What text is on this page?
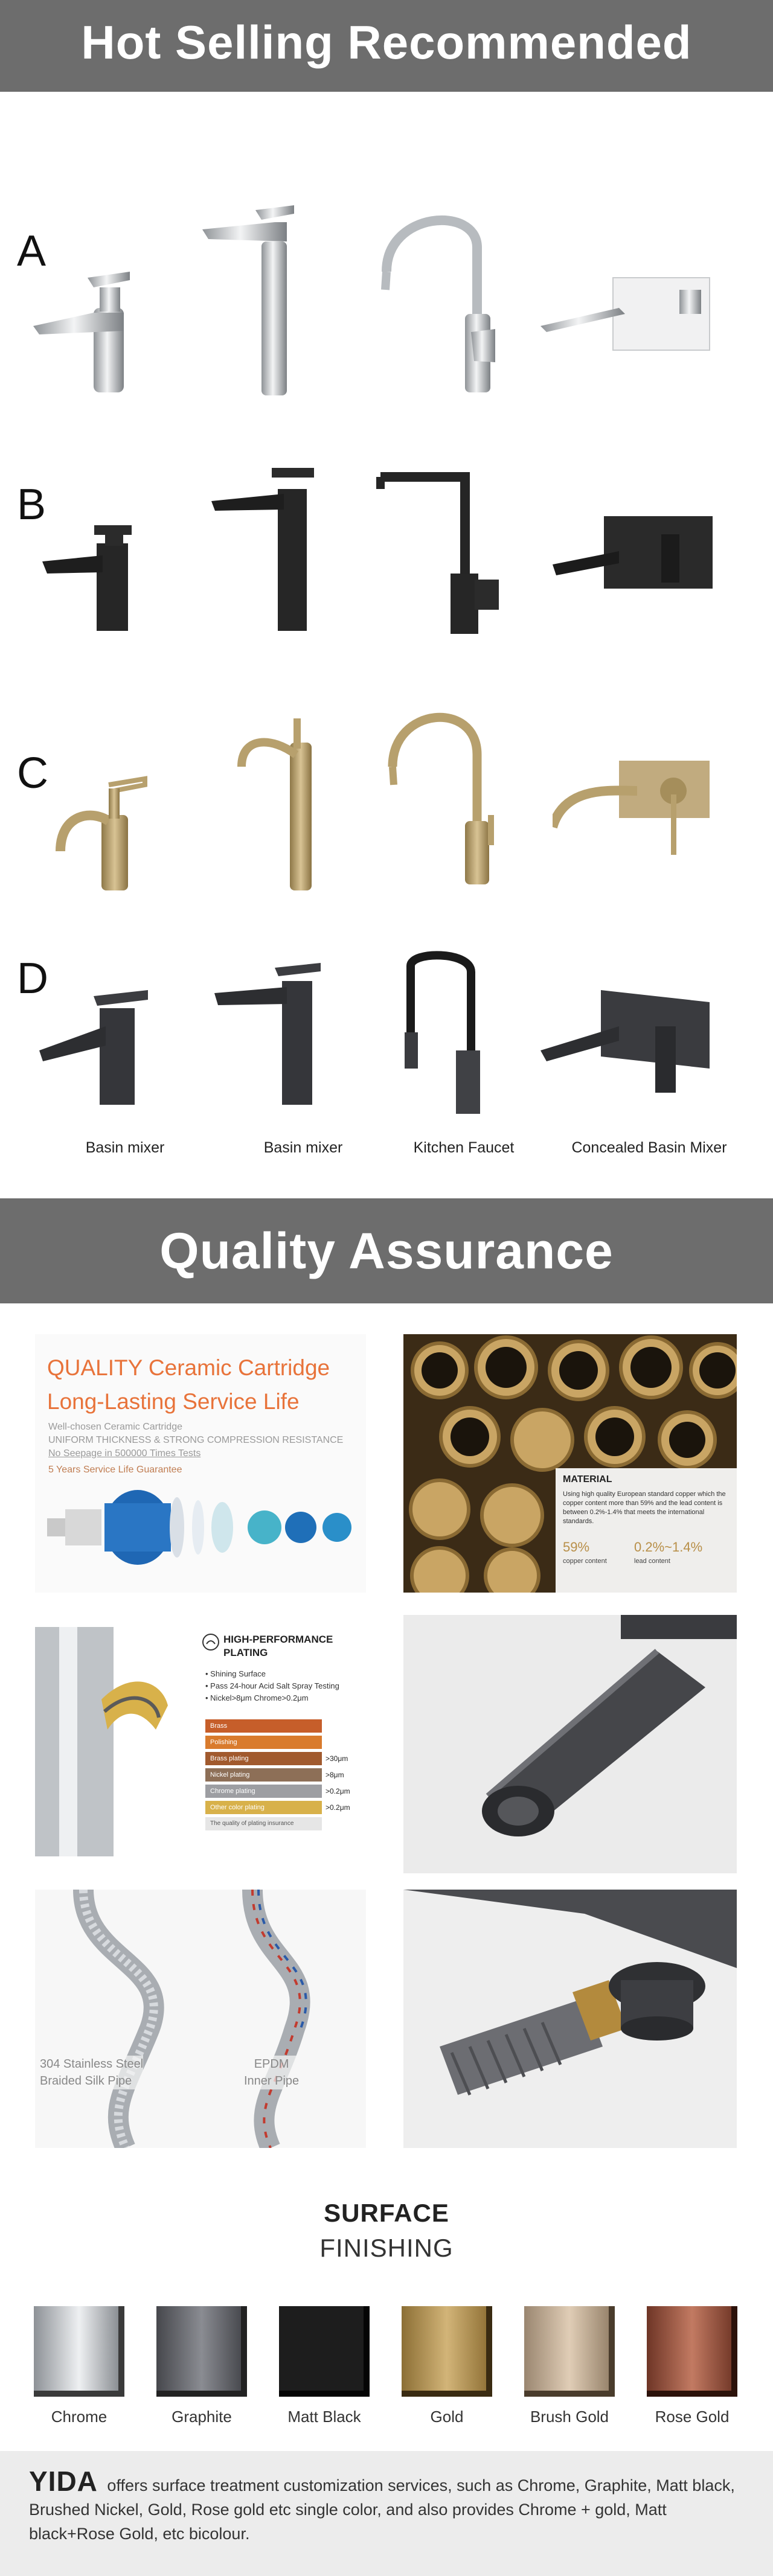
Hot Selling Recommended
A
B
C
D
Basin mixer	Basin mixer	Kitchen Faucet	Concealed Basin Mixer
Quality Assurance
QUALITY Ceramic Cartridge
Long-Lasting Service Life
Well-chosen Ceramic Cartridge
UNIFORM THICKNESS & STRONG COMPRESSION RESISTANCE
No Seepage in 500000 Times Tests
5 Years Service Life Guarantee
MATERIAL
Using high quality European standard copper which the copper content more than 59% and the lead content is between 0.2%-1.4% that meets the international standards.
59%
copper content
0.2%~1.4%
lead content
HIGH-PERFORMANCE
PLATING
• Shining Surface
• Pass 24-hour Acid Salt Spray Testing
• Nickel>8μm Chrome>0.2μm
Brass
Polishing
Brass plating	>30μm
Nickel plating	>8μm
Chrome plating	>0.2μm
Other color plating	>0.2μm
The quality of plating insurance
304 Stainless Steel
Braided Silk Pipe
EPDM
Inner Pipe
SURFACE
FINISHING
Chrome	Graphite	Matt Black	Gold	Brush Gold	Rose Gold
YIDA offers surface treatment customization services, such as Chrome, Graphite, Matt black, Brushed Nickel, Gold, Rose gold etc single color, and also provides Chrome + gold, Matt black+Rose Gold, etc bicolour.
